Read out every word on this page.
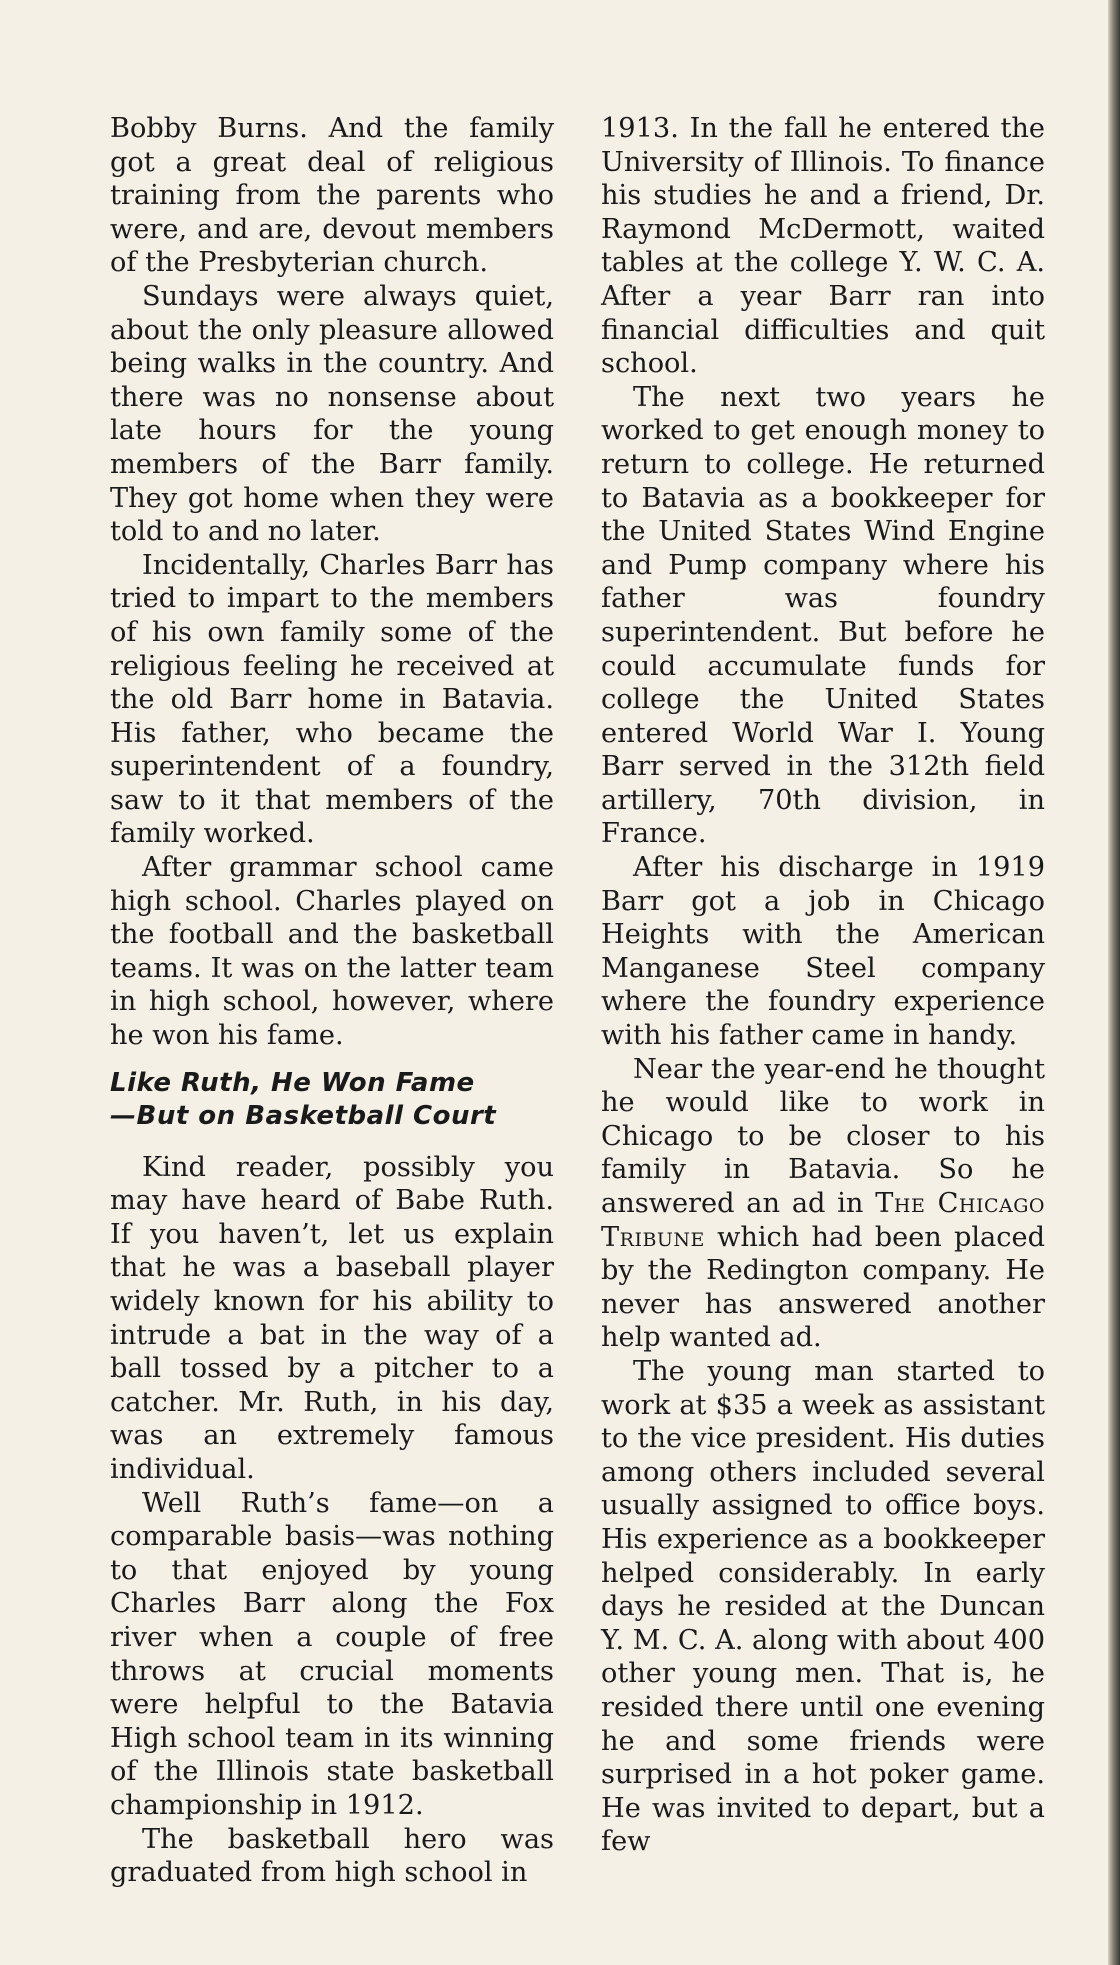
Bobby Burns. And the family got a great deal of religious training from the parents who were, and are, devout members of the Presbyterian church.

Sundays were always quiet, about the only pleasure allowed being walks in the country. And there was no nonsense about late hours for the young members of the Barr family. They got home when they were told to and no later.

Incidentally, Charles Barr has tried to impart to the members of his own family some of the religious feeling he received at the old Barr home in Batavia. His father, who became the superintendent of a foundry, saw to it that members of the family worked.

After grammar school came high school. Charles played on the football and the basketball teams. It was on the latter team in high school, however, where he won his fame.

Like Ruth, He Won Fame
—But on Basketball Court

Kind reader, possibly you may have heard of Babe Ruth. If you haven’t, let us explain that he was a baseball player widely known for his ability to intrude a bat in the way of a ball tossed by a pitcher to a catcher. Mr. Ruth, in his day, was an extremely famous individual.

Well Ruth’s fame—on a comparable basis—was nothing to that enjoyed by young Charles Barr along the Fox river when a couple of free throws at crucial moments were helpful to the Batavia High school team in its winning of the Illinois state basketball championship in 1912.

The basketball hero was graduated from high school in

1913. In the fall he entered the University of Illinois. To finance his studies he and a friend, Dr. Raymond McDermott, waited tables at the college Y. W. C. A. After a year Barr ran into financial difficulties and quit school.

The next two years he worked to get enough money to return to college. He returned to Batavia as a bookkeeper for the United States Wind Engine and Pump company where his father was foundry superintendent. But before he could accumulate funds for college the United States entered World War I. Young Barr served in the 312th field artillery, 70th division, in France.

After his discharge in 1919 Barr got a job in Chicago Heights with the American Manganese Steel company where the foundry experience with his father came in handy.

Near the year-end he thought he would like to work in Chicago to be closer to his family in Batavia. So he answered an ad in The Chicago Tribune which had been placed by the Redington company. He never has answered another help wanted ad.

The young man started to work at $35 a week as assistant to the vice president. His duties among others included several usually assigned to office boys. His experience as a bookkeeper helped considerably. In early days he resided at the Duncan Y. M. C. A. along with about 400 other young men. That is, he resided there until one evening he and some friends were surprised in a hot poker game. He was invited to depart, but a few
